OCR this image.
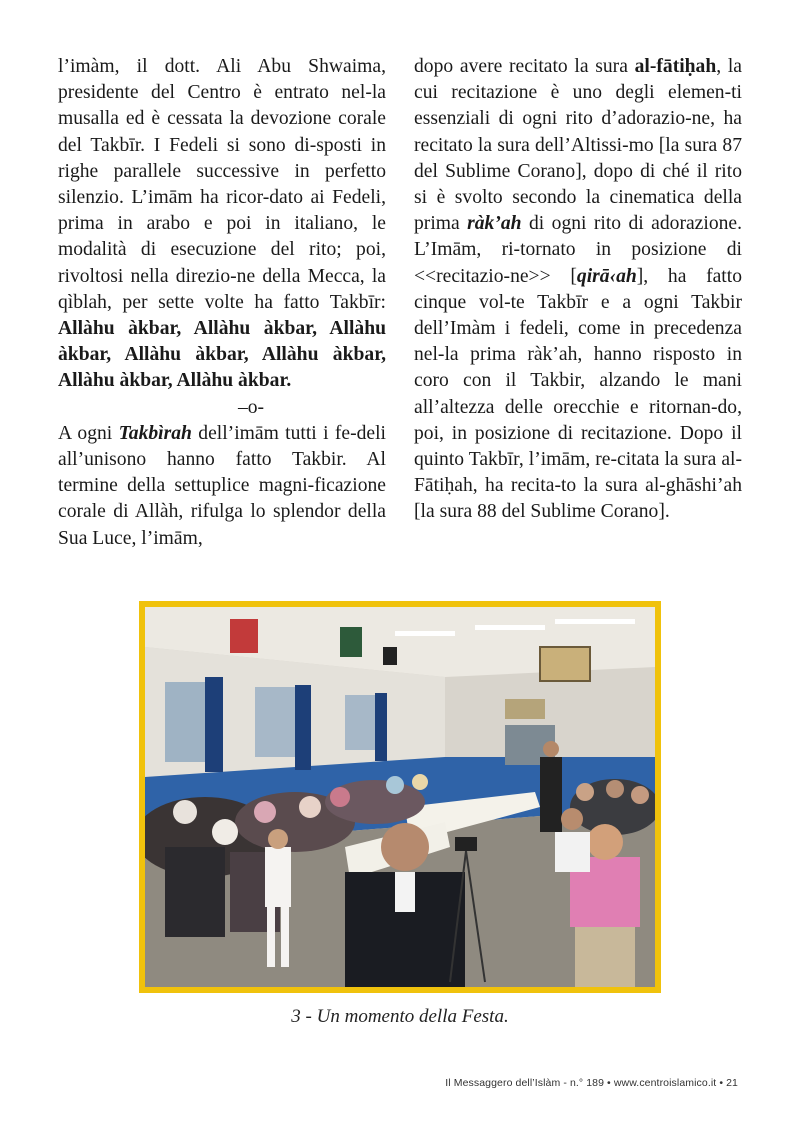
l’imàm, il dott. Ali Abu Shwaima, presidente del Centro è entrato nel-la musalla ed è cessata la devozione corale del Takbīr. I Fedeli si sono di-sposti in righe parallele successive in perfetto silenzio. L’imām ha ricor-dato ai Fedeli, prima in arabo e poi in italiano, le modalità di esecuzione del rito; poi, rivoltosi nella direzio-ne della Mecca, la qìblah, per sette volte ha fatto Takbīr: Allàhu àkbar, Allàhu àkbar, Allàhu àkbar, Allàhu àkbar, Allàhu àkbar, Allàhu àkbar, Allàhu àkbar.

–o-

A ogni Takbìrah dell’imām tutti i fe-deli all’unisono hanno fatto Takbir. Al termine della settuplice magni-ficazione corale di Allàh, rifulga lo splendor della Sua Luce, l’imām,

dopo avere recitato la sura al-fātiḥah, la cui recitazione è uno degli elemen-ti essenziali di ogni rito d’adorazio-ne, ha recitato la sura dell’Altissi-mo [la sura 87 del Sublime Corano], dopo di ché il rito si è svolto secondo la cinematica della prima ràk’ah di ogni rito di adorazione. L’Imām, ri-tornato in posizione di <<recitazio-ne>> [qirā‹ah], ha fatto cinque vol-te Takbīr e a ogni Takbir dell’Imàm i fedeli, come in precedenza nel-la prima ràk’ah, hanno risposto in coro con il Takbir, alzando le mani all’altezza delle orecchie e ritornan-do, poi, in posizione di recitazione. Dopo il quinto Takbīr, l’imām, re-citata la sura al-Fātiḥah, ha recita-to la sura al-ghāshi’ah [la sura 88 del Sublime Corano].

3 - Un momento della Festa.
Il Messaggero dell’Islàm - n.° 189 • www.centroislamico.it • 21
